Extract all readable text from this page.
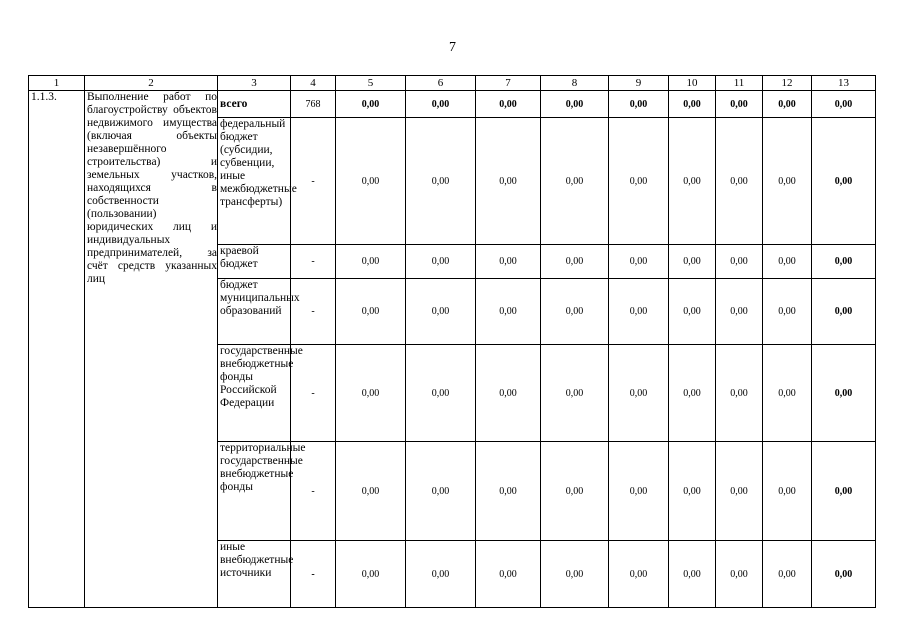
7
1	2	3	4	5	6	7	8	9	10	11	12	13
1.1.3.	Выполнение работ по благоустройству объектов недвижимого имущества (включая объекты незавершённого строительства) и земельных участков, находящихся в собственности (пользовании) юридических лиц и индивидуальных предпринимателей, за счёт средств указанных лиц	всего	768	0,00	0,00	0,00	0,00	0,00	0,00	0,00	0,00	0,00
		федеральный бюджет (субсидии, субвенции, иные межбюджетные трансферты)	-	0,00	0,00	0,00	0,00	0,00	0,00	0,00	0,00	0,00
		краевой бюджет	-	0,00	0,00	0,00	0,00	0,00	0,00	0,00	0,00	0,00
		бюджет муниципальных образований	-	0,00	0,00	0,00	0,00	0,00	0,00	0,00	0,00	0,00
		государственные внебюджетные фонды Российской Федерации	-	0,00	0,00	0,00	0,00	0,00	0,00	0,00	0,00	0,00
		территориальные государственные внебюджетные фонды	-	0,00	0,00	0,00	0,00	0,00	0,00	0,00	0,00	0,00
		иные внебюджетные источники	-	0,00	0,00	0,00	0,00	0,00	0,00	0,00	0,00	0,00
